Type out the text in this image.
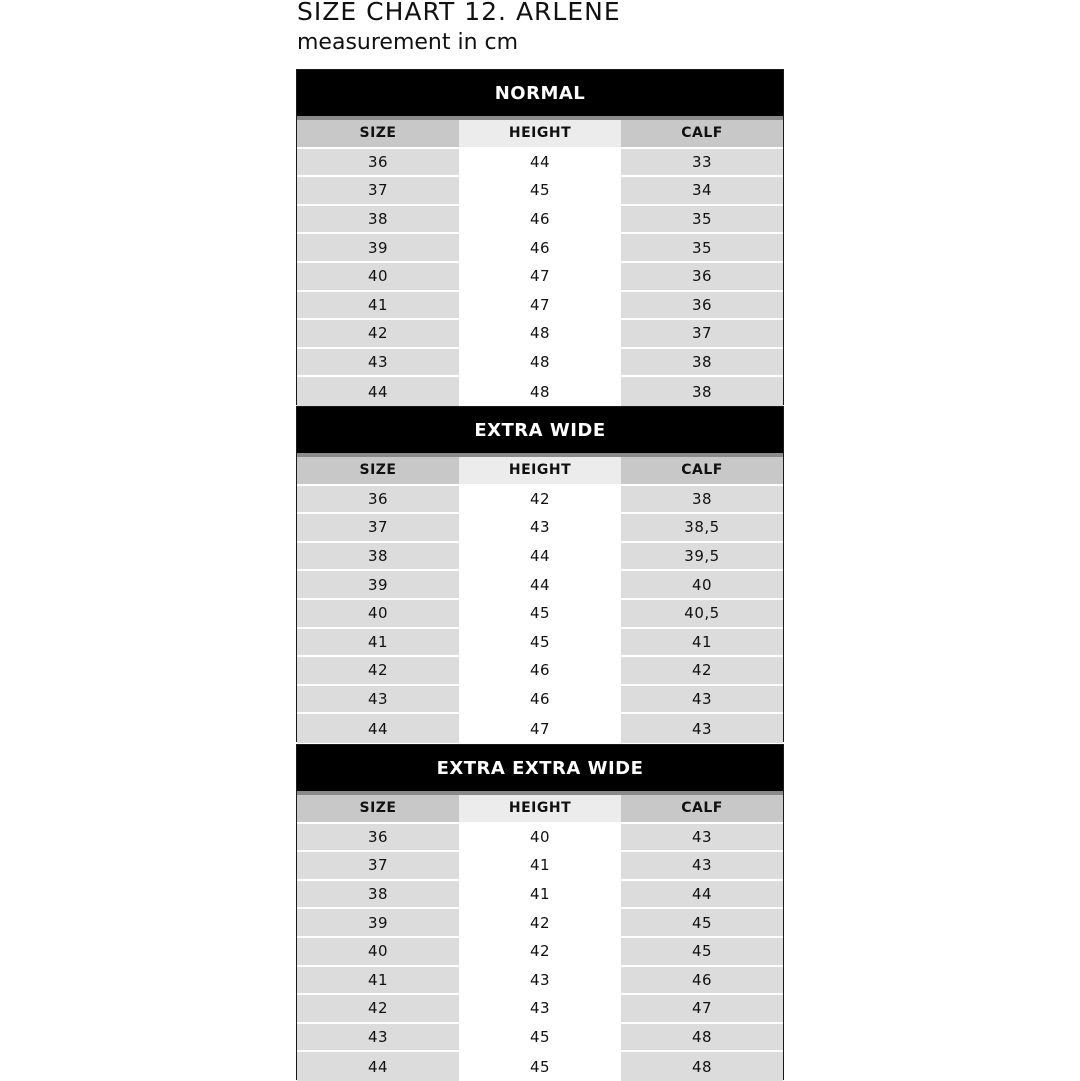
SIZE CHART 12. ARLENE
measurement in cm
NORMAL
SIZE	HEIGHT	CALF
36	44	33
37	45	34
38	46	35
39	46	35
40	47	36
41	47	36
42	48	37
43	48	38
44	48	38
EXTRA WIDE
SIZE	HEIGHT	CALF
36	42	38
37	43	38,5
38	44	39,5
39	44	40
40	45	40,5
41	45	41
42	46	42
43	46	43
44	47	43
EXTRA EXTRA WIDE
SIZE	HEIGHT	CALF
36	40	43
37	41	43
38	41	44
39	42	45
40	42	45
41	43	46
42	43	47
43	45	48
44	45	48
